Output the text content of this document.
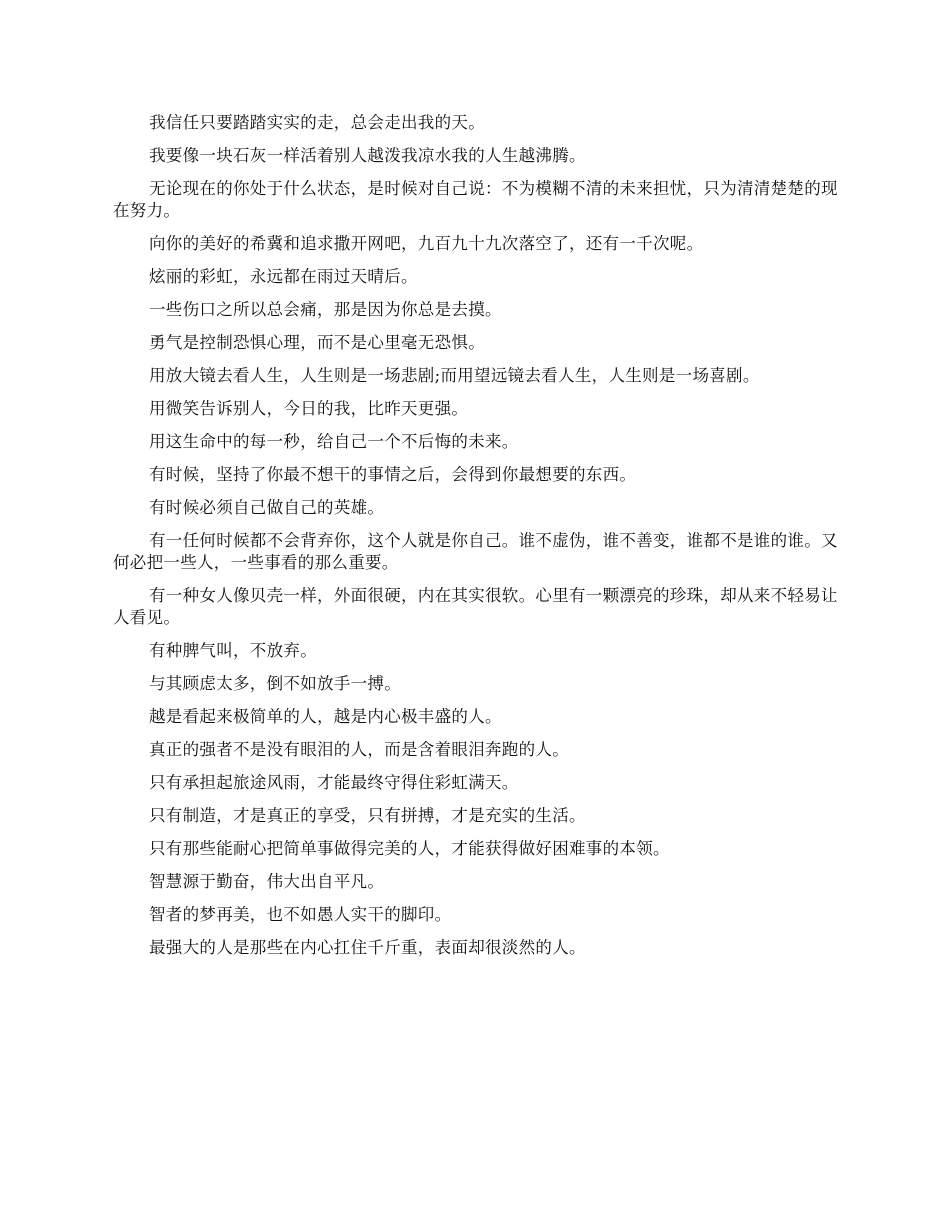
我信任只要踏踏实实的走，总会走出我的天。

我要像一块石灰一样活着别人越泼我凉水我的人生越沸腾。

无论现在的你处于什么状态，是时候对自己说：不为模糊不清的未来担忧，只为清清楚楚的现在努力。

向你的美好的希冀和追求撒开网吧，九百九十九次落空了，还有一千次呢。

炫丽的彩虹，永远都在雨过天晴后。

一些伤口之所以总会痛，那是因为你总是去摸。

勇气是控制恐惧心理，而不是心里毫无恐惧。

用放大镜去看人生，人生则是一场悲剧;而用望远镜去看人生，人生则是一场喜剧。

用微笑告诉别人，今日的我，比昨天更强。

用这生命中的每一秒，给自己一个不后悔的未来。

有时候，坚持了你最不想干的事情之后，会得到你最想要的东西。

有时候必须自己做自己的英雄。

有一任何时候都不会背弃你，这个人就是你自己。谁不虚伪，谁不善变，谁都不是谁的谁。又何必把一些人，一些事看的那么重要。

有一种女人像贝壳一样，外面很硬，内在其实很软。心里有一颗漂亮的珍珠，却从来不轻易让人看见。

有种脾气叫，不放弃。

与其顾虑太多，倒不如放手一搏。

越是看起来极简单的人，越是内心极丰盛的人。

真正的强者不是没有眼泪的人，而是含着眼泪奔跑的人。

只有承担起旅途风雨，才能最终守得住彩虹满天。

只有制造，才是真正的享受，只有拼搏，才是充实的生活。

只有那些能耐心把简单事做得完美的人，才能获得做好困难事的本领。

智慧源于勤奋，伟大出自平凡。

智者的梦再美，也不如愚人实干的脚印。

最强大的人是那些在内心扛住千斤重，表面却很淡然的人。
